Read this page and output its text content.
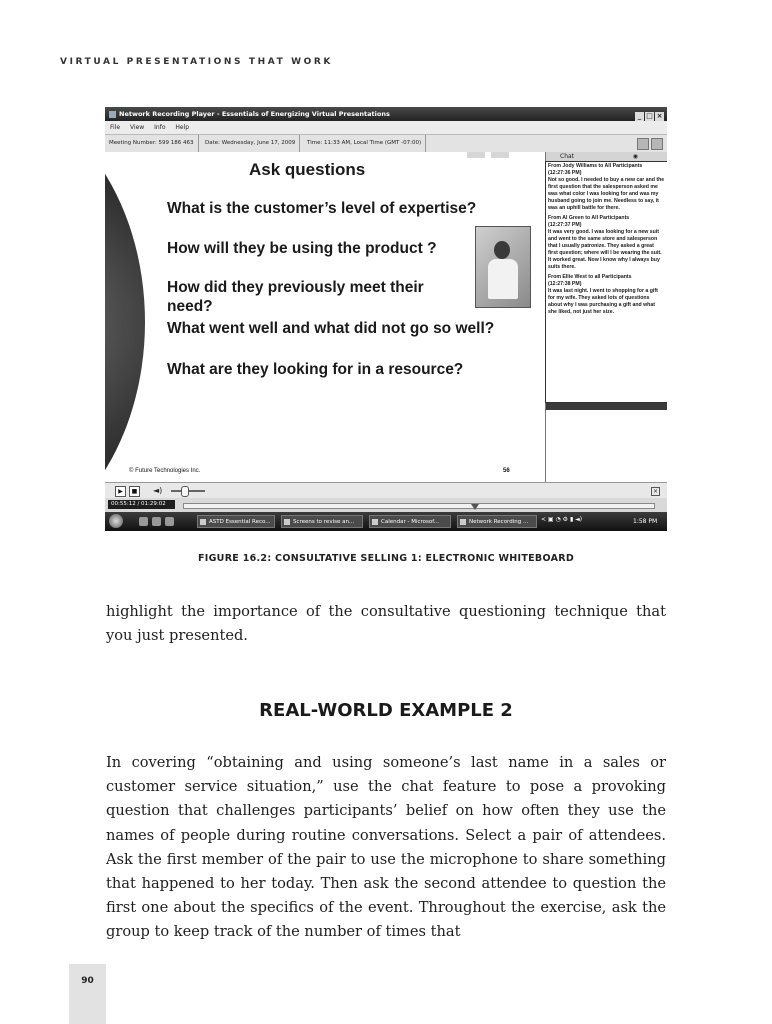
VIRTUAL PRESENTATIONS THAT WORK
Network Recording Player - Essentials of Energizing Virtual Presentations	_ □ ×
File View Info Help
Meeting Number: 599 186 463	Date: Wednesday, June 17, 2009	Time: 11:33 AM, Local Time (GMT -07:00)
Ask questions
What is the customer’s level of expertise?
How will they be using the product ?
How did they previously meet their
need?
What went well and what did not go so well?
What are they looking for in a resource?
© Future Technologies Inc.	56
Chat	◉
From Jody Williams to All Participants
(12:27:36 PM)
Not so good. I needed to buy a new car and the first question that the salesperson asked me was what color I was looking for and was my husband going to join me. Needless to say, it was an uphill battle for there.
From Al Green to All Participants
(12:27:37 PM)
It was very good. I was looking for a new suit and went to the same store and salesperson that I usually patronize. They asked a great first question; where will I be wearing the suit. It worked great. Now I know why I always buy suits there.
From Ellie West to all Participants
(12:27:38 PM)
It was last night. I went to shopping for a gift for my wife. They asked lots of questions about why I was purchasing a gift and what she liked, not just her size.
▶	■	◄)	×
00:55:12 / 01:29:02
ASTD Essential Reco...	Screens to revise an...	Calendar - Microsof...	Network Recording ...	< ▣ ◔ ⚙ ▮ ◄)	1:58 PM
FIGURE 16.2: CONSULTATIVE SELLING 1: ELECTRONIC WHITEBOARD

highlight the importance of the consultative questioning technique that you just presented.

REAL-WORLD EXAMPLE 2

In covering “obtaining and using someone’s last name in a sales or customer service situation,” use the chat feature to pose a provoking question that challenges participants’ belief on how often they use the names of people during routine conversations. Select a pair of attendees. Ask the first member of the pair to use the microphone to share something that happened to her today. Then ask the second attendee to question the first one about the specifics of the event. Throughout the exercise, ask the group to keep track of the number of times that

90
